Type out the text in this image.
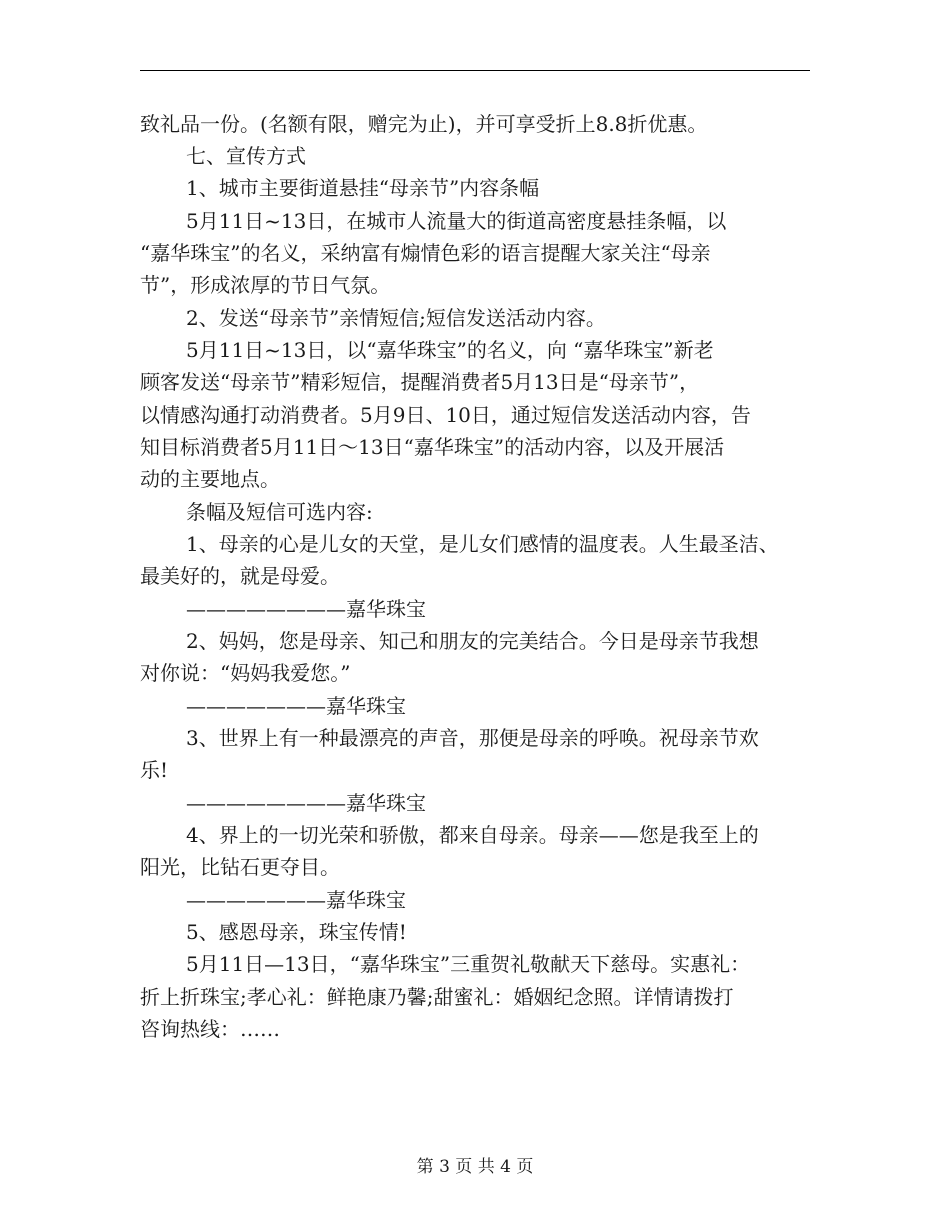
致礼品一份。(名额有限，赠完为止)，并可享受折上8.8折优惠。
七、宣传方式
1、城市主要街道悬挂“母亲节”内容条幅
5月11日~13日，在城市人流量大的街道高密度悬挂条幅，以
“嘉华珠宝”的名义，采纳富有煽情色彩的语言提醒大家关注“母亲
节”，形成浓厚的节日气氛。
2、发送“母亲节”亲情短信;短信发送活动内容。
5月11日~13日，以“嘉华珠宝”的名义，向 “嘉华珠宝”新老
顾客发送“母亲节”精彩短信，提醒消费者5月13日是“母亲节”，
以情感沟通打动消费者。5月9日、10日，通过短信发送活动内容，告
知目标消费者5月11日～13日“嘉华珠宝”的活动内容，以及开展活
动的主要地点。
条幅及短信可选内容:
1、母亲的心是儿女的天堂，是儿女们感情的温度表。人生最圣洁、
最美好的，就是母爱。
————————嘉华珠宝
2、妈妈，您是母亲、知己和朋友的完美结合。今日是母亲节我想
对你说：“妈妈我爱您。”
———————嘉华珠宝
3、世界上有一种最漂亮的声音，那便是母亲的呼唤。祝母亲节欢
乐!
————————嘉华珠宝
4、界上的一切光荣和骄傲，都来自母亲。母亲——您是我至上的
阳光，比钻石更夺目。
———————嘉华珠宝
5、感恩母亲，珠宝传情!
5月11日—13日，“嘉华珠宝”三重贺礼敬献天下慈母。实惠礼：
折上折珠宝;孝心礼：鲜艳康乃馨;甜蜜礼：婚姻纪念照。详情请拨打
咨询热线：……
第 3 页 共 4 页
